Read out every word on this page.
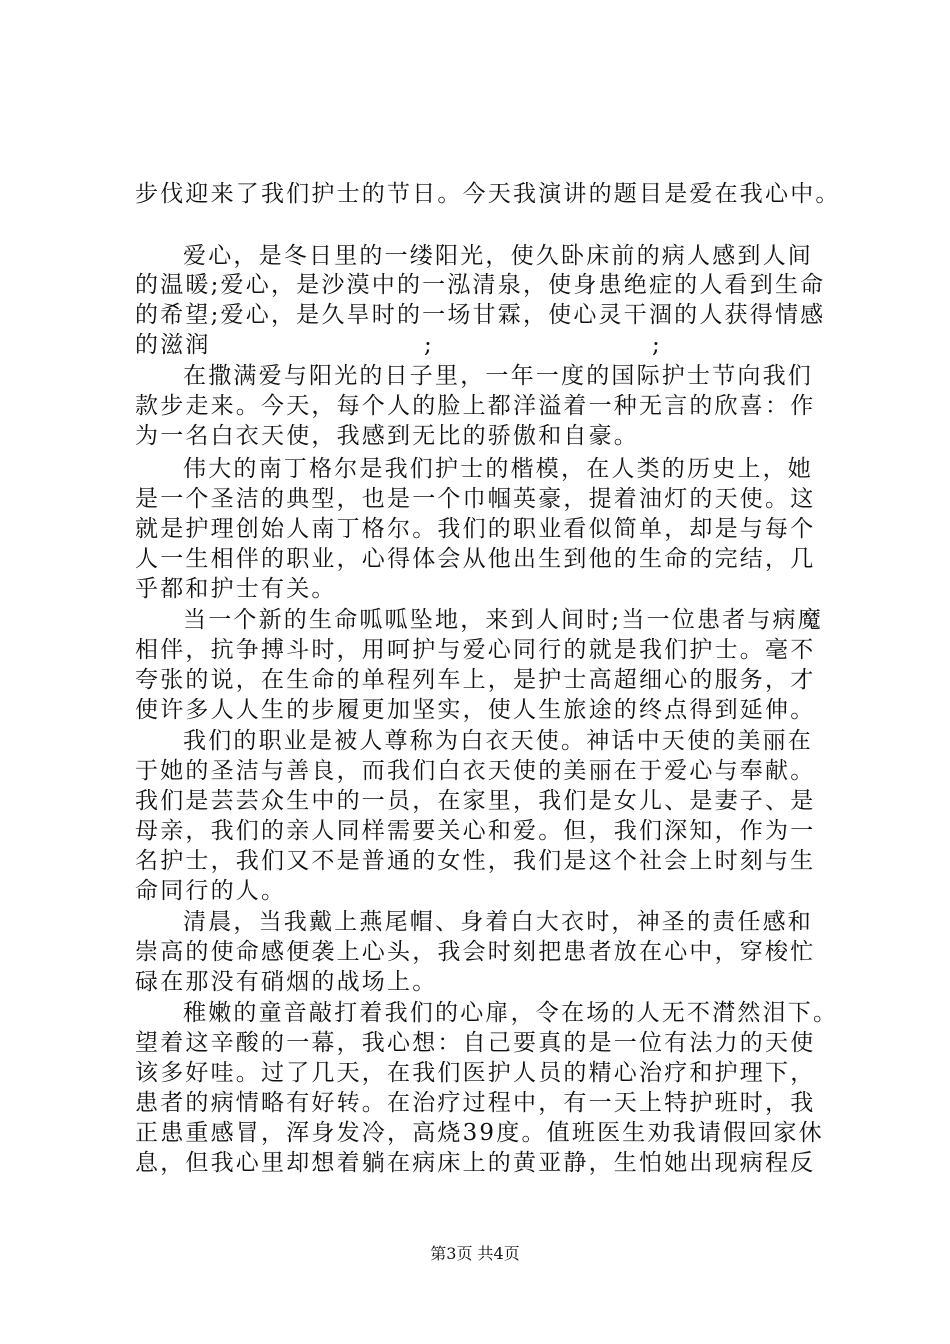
步伐迎来了我们护士的节日。今天我演讲的题目是爱在我心中。
爱心，是冬日里的一缕阳光，使久卧床前的病人感到人间
的温暖;爱心，是沙漠中的一泓清泉，使身患绝症的人看到生命
的希望;爱心，是久旱时的一场甘霖，使心灵干涸的人获得情感
的滋润	;	;
在撒满爱与阳光的日子里，一年一度的国际护士节向我们
款步走来。今天，每个人的脸上都洋溢着一种无言的欣喜：作
为一名白衣天使，我感到无比的骄傲和自豪。
伟大的南丁格尔是我们护士的楷模，在人类的历史上，她
是一个圣洁的典型，也是一个巾帼英豪，提着油灯的天使。这
就是护理创始人南丁格尔。我们的职业看似简单，却是与每个
人一生相伴的职业，心得体会从他出生到他的生命的完结，几
乎都和护士有关。
当一个新的生命呱呱坠地，来到人间时;当一位患者与病魔
相伴，抗争搏斗时，用呵护与爱心同行的就是我们护士。毫不
夸张的说，在生命的单程列车上，是护士高超细心的服务，才
使许多人人生的步履更加坚实，使人生旅途的终点得到延伸。
我们的职业是被人尊称为白衣天使。神话中天使的美丽在
于她的圣洁与善良，而我们白衣天使的美丽在于爱心与奉献。
我们是芸芸众生中的一员，在家里，我们是女儿、是妻子、是
母亲，我们的亲人同样需要关心和爱。但，我们深知，作为一
名护士，我们又不是普通的女性，我们是这个社会上时刻与生
命同行的人。
清晨，当我戴上燕尾帽、身着白大衣时，神圣的责任感和
崇高的使命感便袭上心头，我会时刻把患者放在心中，穿梭忙
碌在那没有硝烟的战场上。
稚嫩的童音敲打着我们的心扉，令在场的人无不潸然泪下。
望着这辛酸的一幕，我心想：自己要真的是一位有法力的天使
该多好哇。过了几天，在我们医护人员的精心治疗和护理下，
患者的病情略有好转。在治疗过程中，有一天上特护班时，我
正患重感冒，浑身发冷，高烧39度。值班医生劝我请假回家休
息，但我心里却想着躺在病床上的黄亚静，生怕她出现病程反
第3页 共4页
